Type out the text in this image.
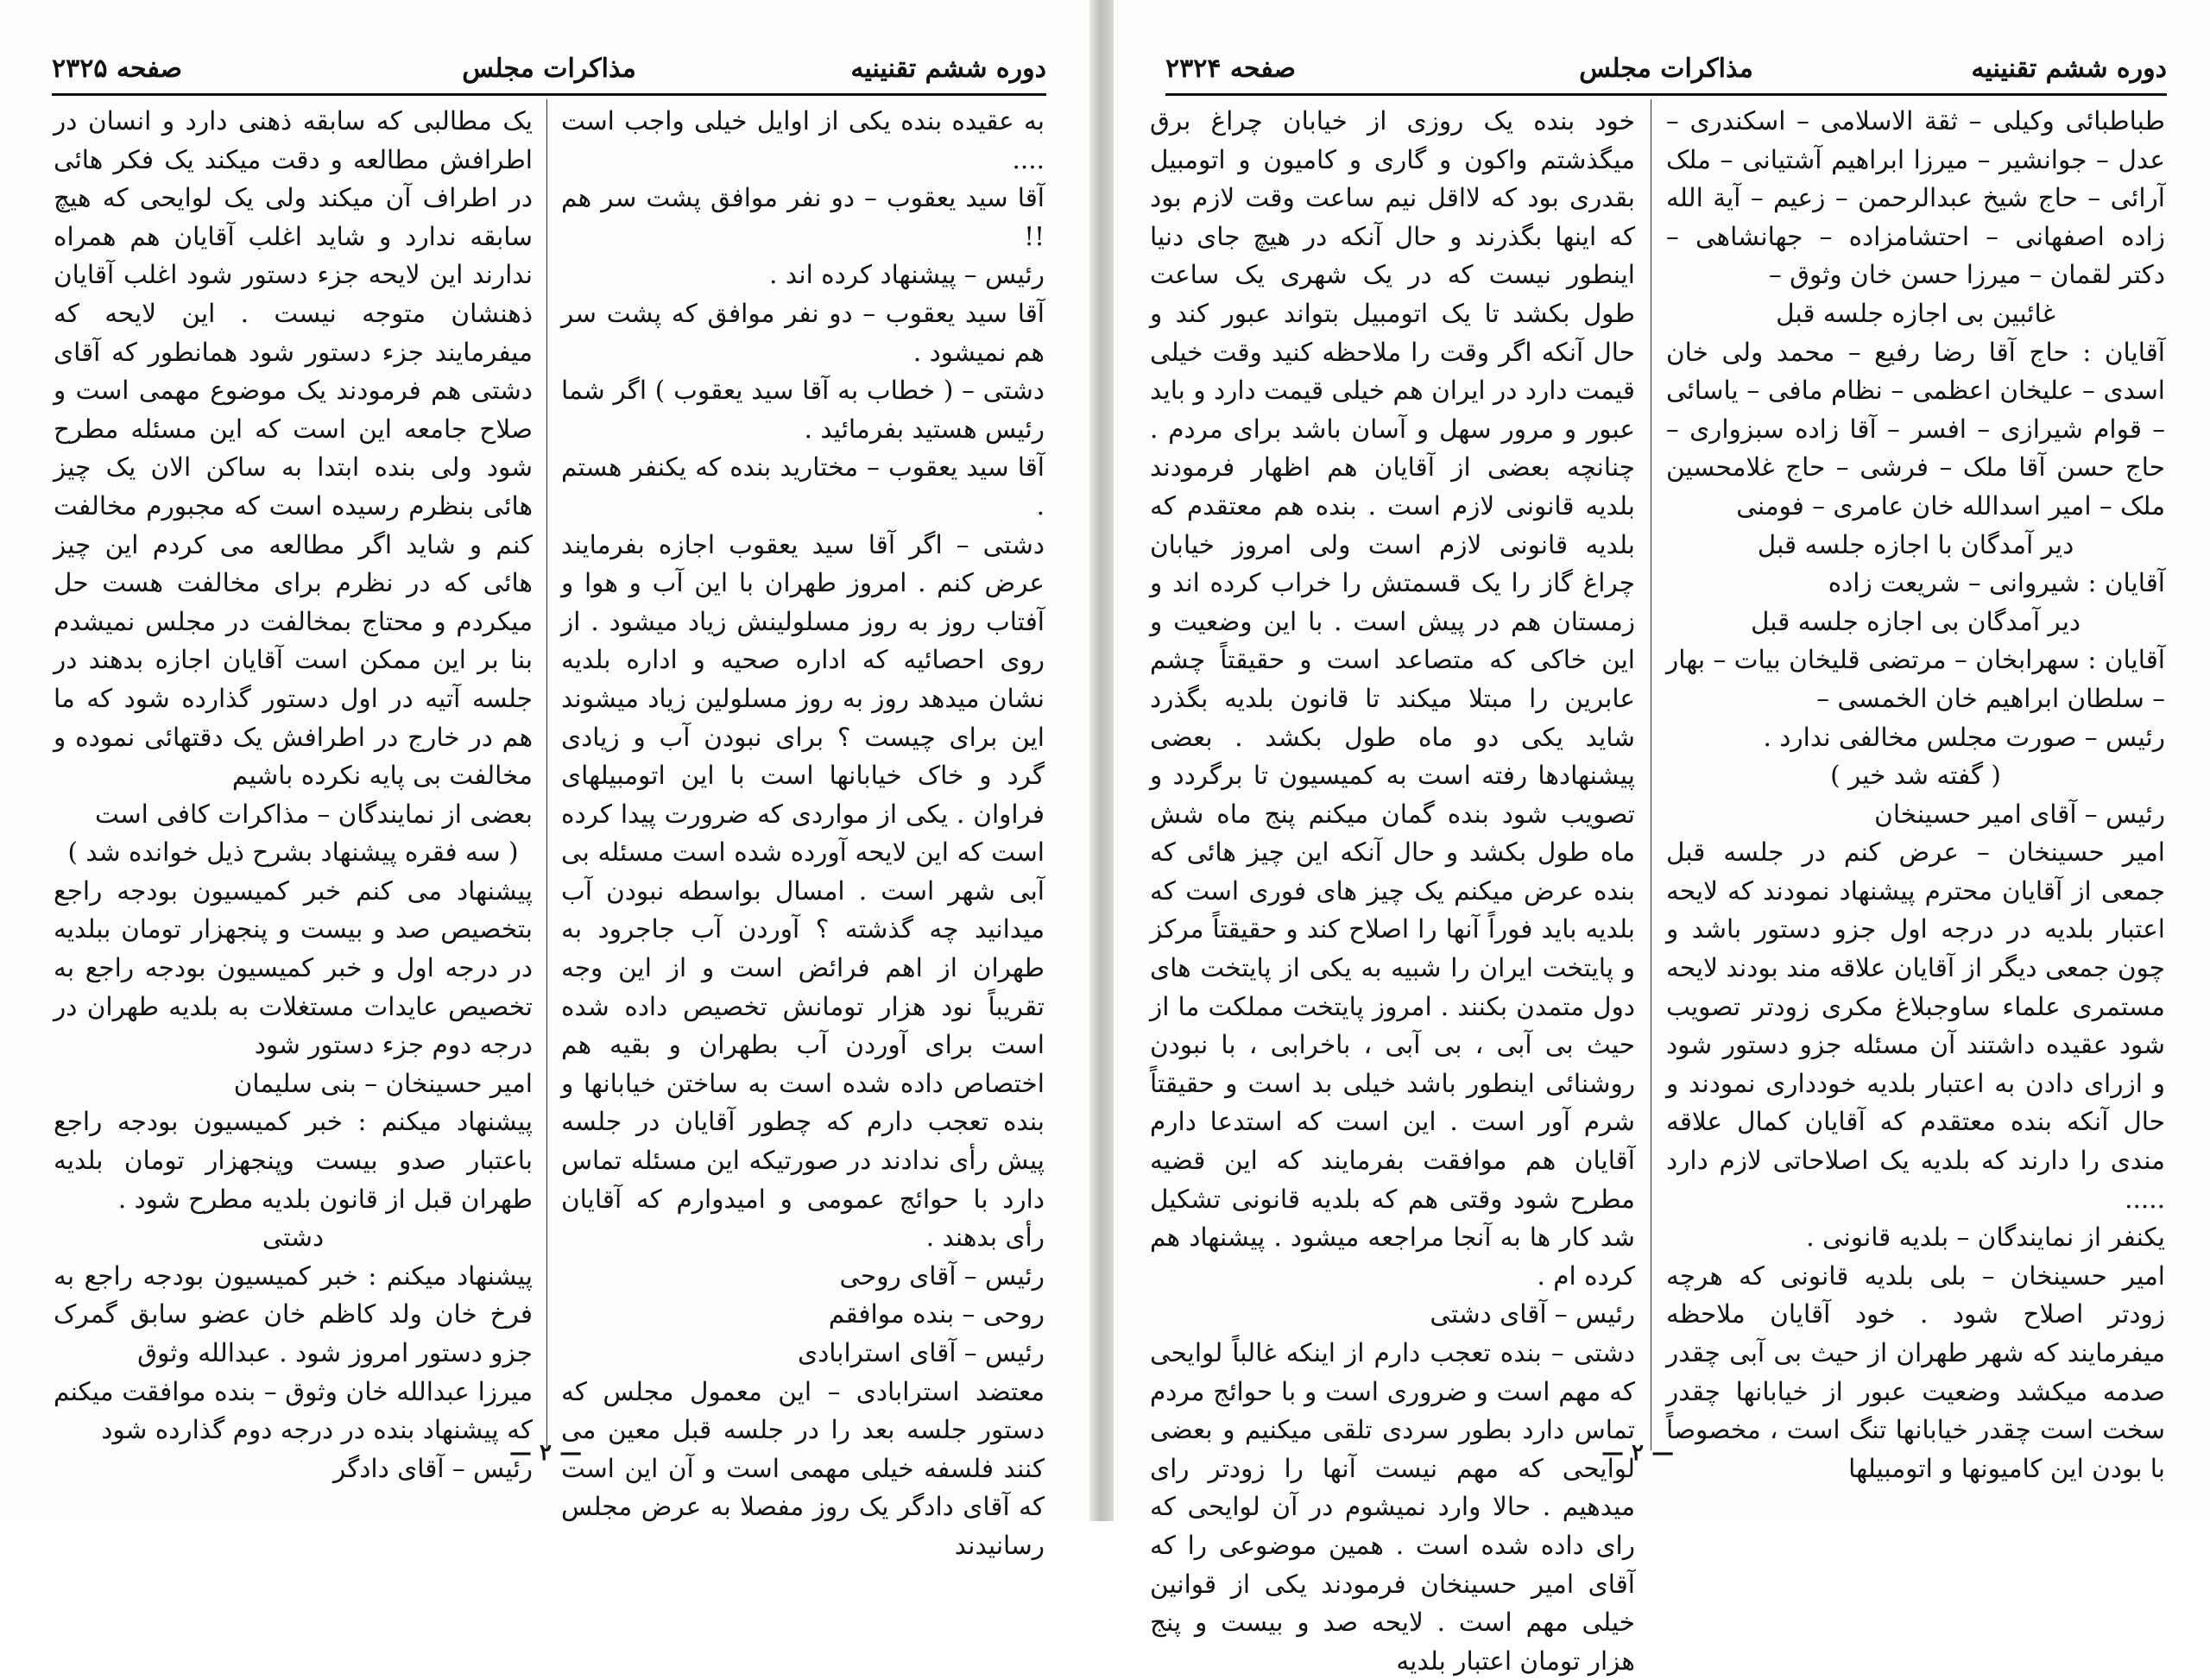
صفحه ۲۳۲۵	مذاکرات مجلس	دوره ششم تقنینیه

به عقیده بنده یکی از اوایل خیلی واجب است ....

آقا سید یعقوب – دو نفر موافق پشت سر هم !!

رئیس – پیشنهاد کرده اند .

آقا سید یعقوب – دو نفر موافق که پشت سر هم نمیشود .

دشتی – ( خطاب به آقا سید یعقوب ) اگر شما رئیس هستید بفرمائید .

آقا سید یعقوب – مختارید بنده که یکنفر هستم .

دشتی – اگر آقا سید یعقوب اجازه بفرمایند عرض کنم . امروز طهران با این آب و هوا و آفتاب روز به روز مسلولینش زیاد میشود . از روی احصائیه که اداره صحیه و اداره بلدیه نشان میدهد روز به روز مسلولین زیاد میشوند این برای چیست ؟ برای نبودن آب و زیادی گرد و خاک خیابانها است با این اتومبیلهای فراوان . یکی از مواردی که ضرورت پیدا کرده است که این لایحه آورده شده است مسئله بی آبی شهر است . امسال بواسطه نبودن آب میدانید چه گذشته ؟ آوردن آب جاجرود به طهران از اهم فرائض است و از این وجه تقریباً نود هزار تومانش تخصیص داده شده است برای آوردن آب بطهران و بقیه هم اختصاص داده شده است به ساختن خیابانها و بنده تعجب دارم که چطور آقایان در جلسه پیش رأی ندادند در صورتیکه این مسئله تماس دارد با حوائج عمومی و امیدوارم که آقایان رأی بدهند .

رئیس – آقای روحی

روحی – بنده موافقم

رئیس – آقای استرابادی

معتضد استرابادی – این معمول مجلس که دستور جلسه بعد را در جلسه قبل معین می کنند فلسفه خیلی مهمی است و آن این است که آقای دادگر یک روز مفصلا به عرض مجلس رسانیدند

یک مطالبی که سابقه ذهنی دارد و انسان در اطرافش مطالعه و دقت میکند یک فکر هائی در اطراف آن میکند ولی یک لوایحی که هیچ سابقه ندارد و شاید اغلب آقایان هم همراه ندارند این لایحه جزء دستور شود اغلب آقایان ذهنشان متوجه نیست . این لایحه که میفرمایند جزء دستور شود همانطور که آقای دشتی هم فرمودند یک موضوع مهمی است و صلاح جامعه این است که این مسئله مطرح شود ولی بنده ابتدا به ساکن الان یک چیز هائی بنظرم رسیده است که مجبورم مخالفت کنم و شاید اگر مطالعه می کردم این چیز هائی که در نظرم برای مخالفت هست حل میکردم و محتاج بمخالفت در مجلس نمیشدم بنا بر این ممکن است آقایان اجازه بدهند در جلسه آتیه در اول دستور گذارده شود که ما هم در خارج در اطرافش یک دقتهائی نموده و مخالفت بی پایه نکرده باشیم

بعضی از نمایندگان – مذاکرات کافی است

( سه فقره پیشنهاد بشرح ذیل خوانده شد )

پیشنهاد می کنم خبر کمیسیون بودجه راجع بتخصیص صد و بیست و پنجهزار تومان ببلدیه در درجه اول و خبر کمیسیون بودجه راجع به تخصیص عایدات مستغلات به بلدیه طهران در درجه دوم جزء دستور شود

امیر حسینخان – بنی سلیمان

پیشنهاد میکنم : خبر کمیسیون بودجه راجع باعتبار صدو بیست وپنجهزار تومان بلدیه طهران قبل از قانون بلدیه مطرح شود .

دشتی

پیشنهاد میکنم : خبر کمیسیون بودجه راجع به فرخ خان ولد کاظم خان عضو سابق گمرک جزو دستور امروز شود . عبدالله وثوق

میرزا عبدالله خان وثوق – بنده موافقت میکنم که پیشنهاد بنده در درجه دوم گذارده شود

رئیس – آقای دادگر

— ۲ —
صفحه ۲۳۲۴	مذاکرات مجلس	دوره ششم تقنینیه

طباطبائی وکیلی – ثقة الاسلامی – اسکندری – عدل – جوانشیر – میرزا ابراهیم آشتیانی – ملک آرائی – حاج شیخ عبدالرحمن – زعیم – آیة الله زاده اصفهانی – احتشامزاده – جهانشاهی – دکتر لقمان – میرزا حسن خان وثوق –

غائبین بی اجازه جلسه قبل

آقایان : حاج آقا رضا رفیع – محمد ولی خان اسدی – علیخان اعظمی – نظام مافی – یاسائی – قوام شیرازی – افسر – آقا زاده سبزواری – حاج حسن آقا ملک – فرشی – حاج غلامحسین ملک – امیر اسدالله خان عامری – فومنی

دیر آمدگان با اجازه جلسه قبل

آقایان : شیروانی – شریعت زاده

دیر آمدگان بی اجازه جلسه قبل

آقایان : سهرابخان – مرتضی قلیخان بیات – بهار – سلطان ابراهیم خان الخمسی –

رئیس – صورت مجلس مخالفی ندارد .

( گفته شد خیر )

رئیس – آقای امیر حسینخان

امیر حسینخان – عرض کنم در جلسه قبل جمعی از آقایان محترم پیشنهاد نمودند که لایحه اعتبار بلدیه در درجه اول جزو دستور باشد و چون جمعی دیگر از آقایان علاقه مند بودند لایحه مستمری علماء ساوجبلاغ مکری زودتر تصویب شود عقیده داشتند آن مسئله جزو دستور شود و ازرای دادن به اعتبار بلدیه خودداری نمودند و حال آنکه بنده معتقدم که آقایان کمال علاقه مندی را دارند که بلدیه یک اصلاحاتی لازم دارد .....

یکنفر از نمایندگان – بلدیه قانونی .

امیر حسینخان – بلی بلدیه قانونی که هرچه زودتر اصلاح شود . خود آقایان ملاحظه میفرمایند که شهر طهران از حیث بی آبی چقدر صدمه میکشد وضعیت عبور از خیابانها چقدر سخت است چقدر خیابانها تنگ است ، مخصوصاً با بودن این کامیونها و اتومبیلها

خود بنده یک روزی از خیابان چراغ برق میگذشتم واکون و گاری و کامیون و اتومبیل بقدری بود که لااقل نیم ساعت وقت لازم بود که اینها بگذرند و حال آنکه در هیچ جای دنیا اینطور نیست که در یک شهری یک ساعت طول بکشد تا یک اتومبیل بتواند عبور کند و حال آنکه اگر وقت را ملاحظه کنید وقت خیلی قیمت دارد در ایران هم خیلی قیمت دارد و باید عبور و مرور سهل و آسان باشد برای مردم . چنانچه بعضی از آقایان هم اظهار فرمودند بلدیه قانونی لازم است . بنده هم معتقدم که بلدیه قانونی لازم است ولی امروز خیابان چراغ گاز را یک قسمتش را خراب کرده اند و زمستان هم در پیش است . با این وضعیت و این خاکی که متصاعد است و حقیقتاً چشم عابرین را مبتلا میکند تا قانون بلدیه بگذرد شاید یکی دو ماه طول بکشد . بعضی پیشنهادها رفته است به کمیسیون تا برگردد و تصویب شود بنده گمان میکنم پنج ماه شش ماه طول بکشد و حال آنکه این چیز هائی که بنده عرض میکنم یک چیز های فوری است که بلدیه باید فوراً آنها را اصلاح کند و حقیقتاً مرکز و پایتخت ایران را شبیه به یکی از پایتخت های دول متمدن بکنند . امروز پایتخت مملکت ما از حیث بی آبی ، بی آبی ، باخرابی ، با نبودن روشنائی اینطور باشد خیلی بد است و حقیقتاً شرم آور است . این است که استدعا دارم آقایان هم موافقت بفرمایند که این قضیه مطرح شود وقتی هم که بلدیه قانونی تشکیل شد کار ها به آنجا مراجعه میشود . پیشنهاد هم کرده ام .

رئیس – آقای دشتی

دشتی – بنده تعجب دارم از اینکه غالباً لوایحی که مهم است و ضروری است و با حوائج مردم تماس دارد بطور سردی تلقی میکنیم و بعضی لوایحی که مهم نیست آنها را زودتر رای میدهیم . حالا وارد نمیشوم در آن لوایحی که رای داده شده است . همین موضوعی را که آقای امیر حسینخان فرمودند یکی از قوانین خیلی مهم است . لایحه صد و بیست و پنج هزار تومان اعتبار بلدیه

— ۲ —
